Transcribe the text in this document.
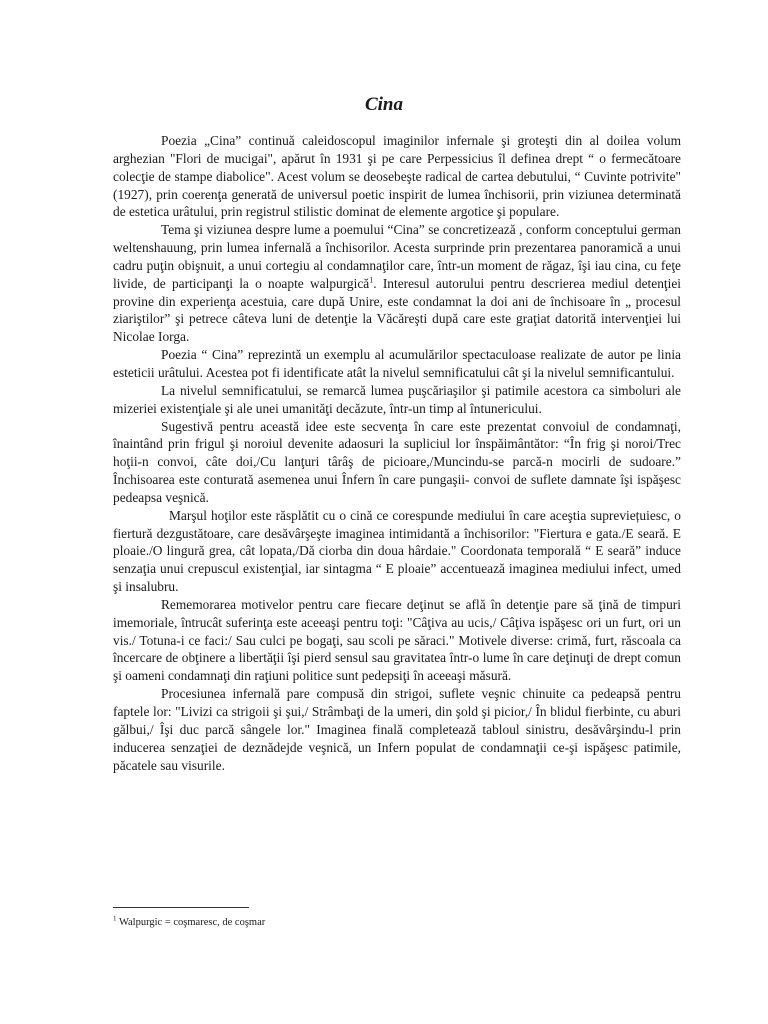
Cina

Poezia „Cina” continuă caleidoscopul imaginilor infernale şi groteşti din al doilea volum arghezian "Flori de mucigai", apărut în 1931 şi pe care Perpessicius îl definea drept “ o fermecătoare colecţie de stampe diabolice". Acest volum se deosebeşte radical de cartea debutului, “ Cuvinte potrivite"(1927), prin coerenţa generată de universul poetic inspirit de lumea închisorii, prin viziunea determinată de estetica urâtului, prin registrul stilistic dominat de elemente argotice şi populare.

Tema şi viziunea despre lume a poemului “Cina” se concretizează , conform conceptului german weltenshauung, prin lumea infernală a închisorilor. Acesta surprinde prin prezentarea panoramică a unui cadru puţin obişnuit, a unui cortegiu al condamnaţilor care, într-un moment de răgaz, îşi iau cina, cu feţe livide, de participanţi la o noapte walpurgică$^1$. Interesul autorului pentru descrierea mediul detenţiei provine din experienţa acestuia, care după Unire, este condamnat la doi ani de închisoare în „ procesul ziariştilor” şi petrece câteva luni de detenţie la Văcăreşti după care este graţiat datorită intervenţiei lui Nicolae Iorga.

Poezia “ Cina” reprezintă un exemplu al acumulărilor spectaculoase realizate de autor pe linia esteticii urâtului. Acestea pot fi identificate atât la nivelul semnificatului cât şi la nivelul semnificantului.

La nivelul semnificatului, se remarcă lumea puşcăriaşilor şi patimile acestora ca simboluri ale mizeriei existenţiale şi ale unei umanităţi decăzute, într-un timp al întunericului.

Sugestivă pentru această idee este secvenţa în care este prezentat convoiul de condamnaţi, înaintând prin frigul şi noroiul devenite adaosuri la supliciul lor înspăimântător: “În frig şi noroi/Trec hoţii-n convoi, câte doi,/Cu lanţuri târâş de picioare,/Muncindu-se parcă-n mocirli de sudoare.” Închisoarea este conturată asemenea unui Înfern în care pungaşii- convoi de suflete damnate îşi ispăşesc pedeapsa veşnică.

Marşul hoţilor este răsplătit cu o cină ce corespunde mediului în care aceştia supreviețuiesc, o fiertură dezgustătoare, care desăvârşeşte imaginea intimidantă a închisorilor: "Fiertura e gata./E seară. E ploaie./O lingură grea, cât lopata,/Dă ciorba din doua hârdaie." Coordonata temporală “ E seară” induce senzaţia unui crepuscul existenţial, iar sintagma “ E ploaie” accentuează imaginea mediului infect, umed şi insalubru.

Rememorarea motivelor pentru care fiecare deţinut se află în detenţie pare să ţină de timpuri imemoriale, întrucât suferinţa este aceeaşi pentru toţi: "Câţiva au ucis,/ Câţiva ispăşesc ori un furt, ori un vis./ Totuna-i ce faci:/ Sau culci pe bogaţi, sau scoli pe săraci." Motivele diverse: crimă, furt, răscoala ca încercare de obţinere a libertăţii îşi pierd sensul sau gravitatea într-o lume în care deţinuţi de drept comun şi oameni condamnaţi din raţiuni politice sunt pedepsiţi în aceeaşi măsură.

Procesiunea infernală pare compusă din strigoi, suflete veşnic chinuite ca pedeapsă pentru faptele lor: "Livizi ca strigoii şi şui,/ Strâmbaţi de la umeri, din şold şi picior,/ În blidul fierbinte, cu aburi gălbui,/ Îşi duc parcă sângele lor." Imaginea finală completează tabloul sinistru, desăvârşindu-l prin inducerea senzaţiei de deznădejde veşnică, un Infern populat de condamnaţii ce-şi ispăşesc patimile, păcatele sau visurile.

$^1$ Walpurgic = coşmaresc, de coşmar
